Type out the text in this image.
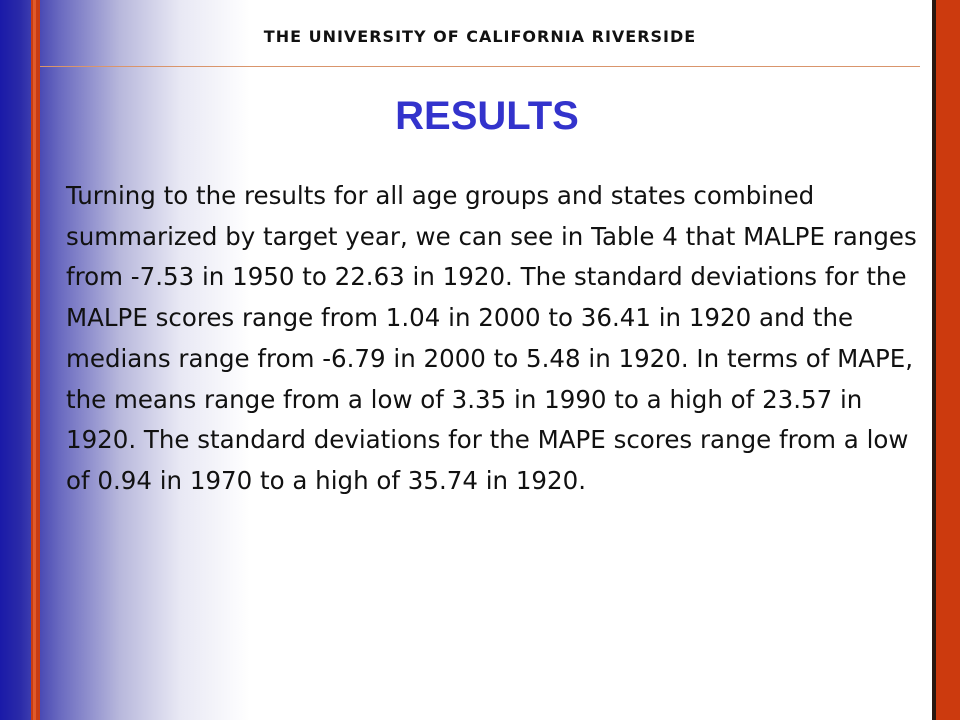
THE UNIVERSITY OF CALIFORNIA RIVERSIDE
RESULTS

Turning to the results for all age groups and states combined summarized by target year, we can see in Table 4 that MALPE ranges from -7.53 in 1950 to 22.63 in 1920. The standard deviations for the MALPE scores range from 1.04 in 2000 to 36.41 in 1920 and the medians range from -6.79 in 2000 to 5.48 in 1920. In terms of MAPE, the means range from a low of 3.35 in 1990 to a high of 23.57 in 1920. The standard deviations for the MAPE scores range from a low of 0.94 in 1970 to a high of 35.74 in 1920.
